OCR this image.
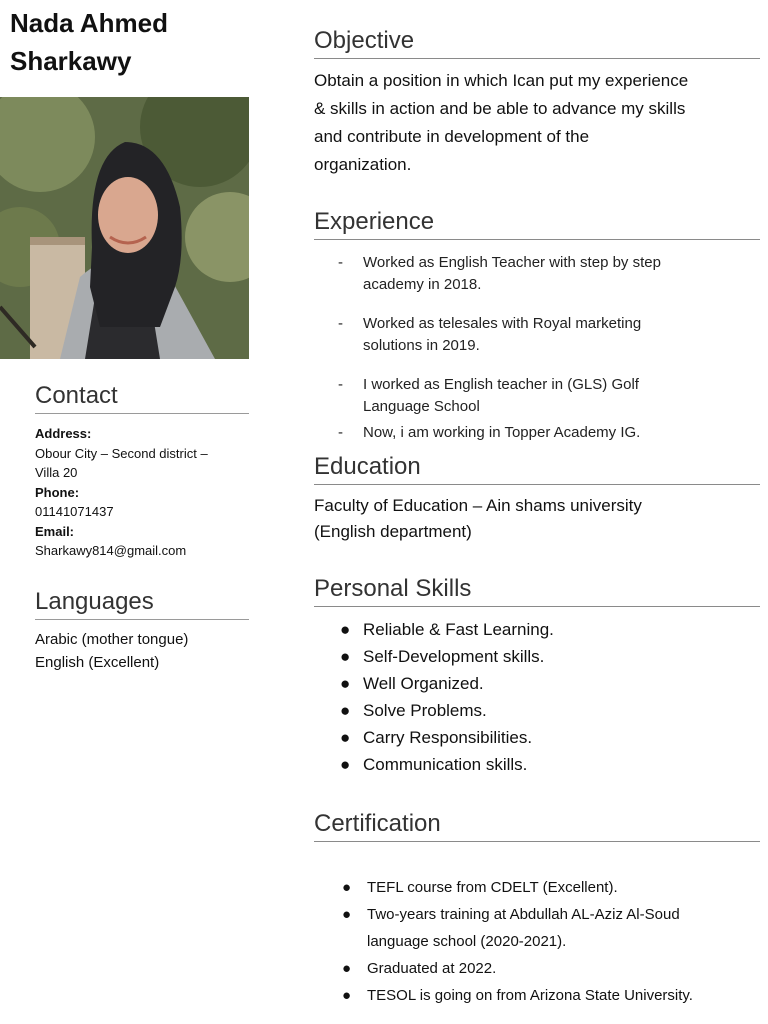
Nada Ahmed
Sharkawy
Contact
Address:
Obour City – Second district –
Villa 20
Phone:
01141071437
Email:
Sharkawy814@gmail.com
Languages
Arabic (mother tongue)
English (Excellent)
Objective
Obtain a position in which Ican put my experience
& skills in action and be able to advance my skills
and contribute in development of the
organization.
Experience
- Worked as English Teacher with step by step
academy in 2018.
- Worked as telesales with Royal marketing
solutions in 2019.
- I worked as English teacher in (GLS) Golf
Language School
- Now, i am working in Topper Academy IG.
Education
Faculty of Education – Ain shams university
(English department)
Personal Skills
● Reliable & Fast Learning.
● Self-Development skills.
● Well Organized.
● Solve Problems.
● Carry Responsibilities.
● Communication skills.
Certification
● TEFL course from CDELT (Excellent).
● Two-years training at Abdullah AL-Aziz Al-Soud
language school (2020-2021).
● Graduated at 2022.
● TESOL is going on from Arizona State University.
